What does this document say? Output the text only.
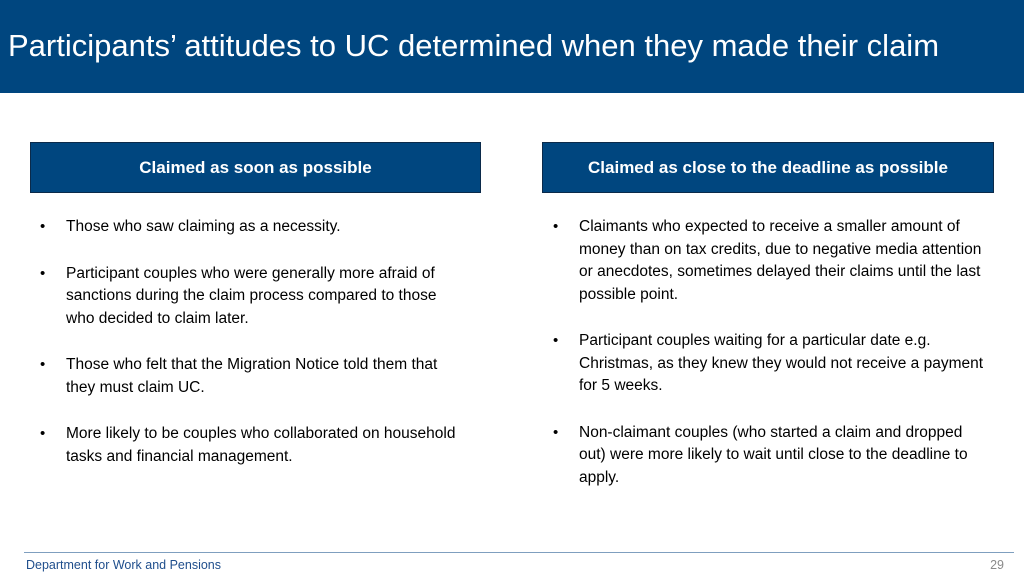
Participants’ attitudes to UC determined when they made their claim
Claimed as soon as possible	Claimed as close to the deadline as possible
• Those who saw claiming as a necessity.
• Participant couples who were generally more afraid of sanctions during the claim process compared to those who decided to claim later.
• Those who felt that the Migration Notice told them that they must claim UC.
• More likely to be couples who collaborated on household tasks and financial management.
• Claimants who expected to receive a smaller amount of money than on tax credits, due to negative media attention or anecdotes, sometimes delayed their claims until the last possible point.
• Participant couples waiting for a particular date e.g. Christmas, as they knew they would not receive a payment for 5 weeks.
• Non-claimant couples (who started a claim and dropped out) were more likely to wait until close to the deadline to apply.
Department for Work and Pensions	29
